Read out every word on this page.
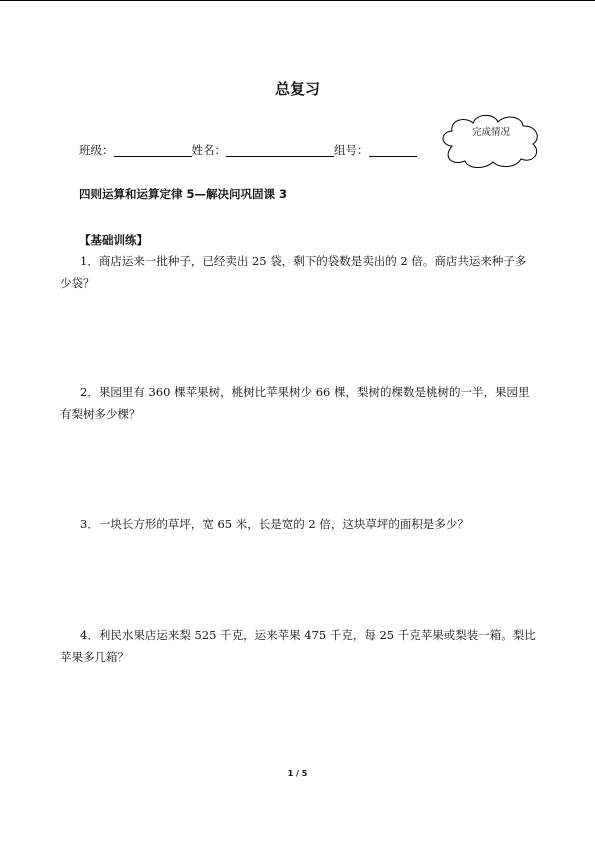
总复习
班级：	姓名：	组号：
完成情况
四则运算和运算定律 5—解决问巩固课 3
【基础训练】

1．商店运来一批种子，已经卖出 25 袋，剩下的袋数是卖出的 2 倍。商店共运来种子多少袋？

2．果园里有 360 棵苹果树，桃树比苹果树少 66 棵，梨树的棵数是桃树的一半，果园里有梨树多少棵？

3．一块长方形的草坪，宽 65 米，长是宽的 2 倍，这块草坪的面积是多少？

4．利民水果店运来梨 525 千克，运来苹果 475 千克，每 25 千克苹果或梨装一箱。梨比苹果多几箱？

1 / 5
